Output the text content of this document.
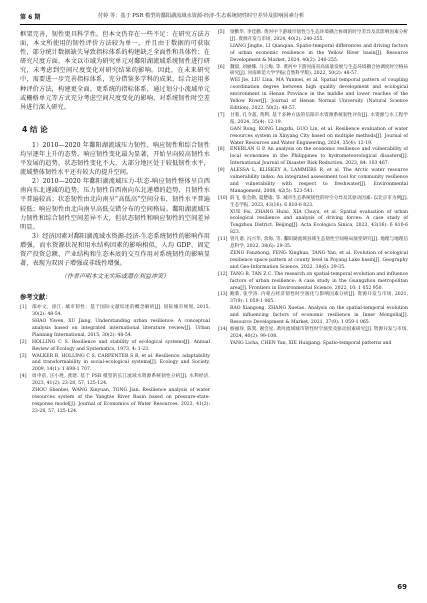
第 6 期	付婷 等：基于 PSR 模型的鄱阳湖流域水资源-经济-生态系统韧性时空差异及影响因素分析

框架完善，韧性更具科学性。但本文仍存在一些不足：在研究方法方面，本文所使用的韧性评价方法较为单一，并且由于数据的可获取性，部分统计数据缺失导致指标体系的构建缺乏全面性和具体性；在研究尺度方面，本文以市域为研究单元对鄱阳湖流域系统韧性进行研究，未考虑到空间尺度变化对研究结果的影响。因此，在未来研究中，需要进一步完善指标体系，充分借鉴多学科的成果，综合运用多种评价方法，构建更全面、更系统的指标体系，通过划分小流域单元或栅格单元等方式充分考虑空间尺度变化的影响，对系统韧性时空差异进行深入研究。

4 结 论

1）2010—2020 年鄱阳湖流域压力韧性、响应韧性和综合韧性均呈逐年上升的态势。响应韧性变化最为显著，开始呈向较高韧性水平发展的趋势，状态韧性变化不大，大部分地区处于较低韧性水平，流域整体韧性水平还有较大的提升空间。

2）2010—2020 年鄱阳湖流域压力-状态-响应韧性整体呈自西南向东北递减的趋势。压力韧性自西南向东北递增的趋势，且韧性水平普遍较高；状态韧性由北向南呈“高低高”空间分布，韧性水平普遍较低；响应韧性由北向南呈高低交错分布的空间格局。鄱阳湖流域压力韧性和综合韧性空间差异不大，但状态韧性和响应韧性的空间差异明显。

3）经济因素对鄱阳湖流域水资源-经济-生态系统韧性的影响作用增强，而水资源状况和用水结构因素的影响相似，人均 GDP、固定资产投资总额、产业结构和生态本底的交互作用对系统韧性的影响显著，表现为双因子增强或非线性增强。

（作者声明本文无实际或潜在利益冲突）

参考文献：
[1]	邵亦文，徐江. 城市韧性：基于国际文献综述的概念解析[J]. 国际城市规划, 2015, 30(2): 48-54.
SHAO Yiwen, XU Jiang. Understanding urban resilience: A conceptual analysis based on integrated international literature review[J]. Urban Planning International, 2015, 30(2): 48-54.
[2]	HOLLING C S. Resilience and stability of ecological systems[J]. Annual Review of Ecology and Systematics, 1973, 4: 1-23.
[3]	WALKER B, HOLLING C S, CARPENTER S R, et al. Resilience, adaptability and transformability in social-ecological systems[J]. Ecology and Society, 2009, 14(1): 1 698-1 707.
[4]	周申蓓, 汪小胜, 龚建. 基于 PSR 模型的长江流域水资源系统韧性分析[J]. 水利经济, 2023, 41(2): 23-28, 57, 125-124.
ZHOU Shenbei, WANG Xinyuan, TONG Jian. Resilience analysis of water resources system of the Yangtze River Basin based on pressure-state-response model[J]. Journal of Economics of Water Resources, 2023, 41(2): 23-28, 57, 125-124.
[5]	梁勤华, 李佳勤. 黄河中下游城市韧性与生态环境耦合协调的时空差异及其影响因素分析[J]. 资源开发与市场, 2024, 40(2): 240-255.
LIANG Jinghe, LI Qianqian. Spatio-temporal differences and driving factors of urban economic resilience in the Yellow River basin[J]. Resource Development & Market, 2024, 40(2): 240-255.
[6]	魏晨, 刘丽娜, 马云梅, 等. 黄河中下游河南省高质量发展与生态环境耦合协调度时空格局研究[J]. 河南师范大学学报(自然科学版), 2022, 50(2): 48-57.
WEI Jie, LIU Lina, MA Yunmei, et al. Spatial temporal pattern of coupling coordination degree between high quality development and ecological environment in Henan Province in the middle and lower reaches of the Yellow River[J]. Journal of Henan Normal University (Natural Science Edition), 2022, 50(2): 48-57.
[7]	甘蓉, 孔令超, 黄利. 基于多种方法的信阳市水资源系统韧性评价[J]. 水资源与水工程学报, 2024, 35(4): 12-19.
GAN Rong, KONG Lingzhi, GUO Lin, et al. Resilience evaluation of water resources system in Xinyang City based on multiple methods[J]. Journal of Water Resources and Water Engineering, 2024, 35(4): 12-19.
[8]	ENERLAN G P. An analysis on the economic resilience and vulnerability of local economies in the Philippines to hydrometeorological disasters[J]. International Journal of Disaster Risk Reduction, 2023, 84: 103 467.
[9]	ALESSA L, KLISKEY A, LAMMERS R, et al. The Arctic water resource vulnerability index: An integrated assessment tool for community resilience and vulnerability with respect to freshwater[J]. Environmental Management, 2008, 42(5): 523-541.
[10] 薛飞, 张会勋, 夏楚瑜, 等. 城市生态系统韧性的时空分异及其驱动因素: 以北京市为例[J]. 生态学报, 2023, 43(16): 6 810-6 823.
XUE Fei, ZHANG Huixi, XIA Chuyu, et al. Spatial evaluation of urban ecological resilience and analysis of driving forces: A case study of Tongzhou District, Beijing[J]. Acta Ecologica Sinica, 2023, 43(16): 6 810-6 823.
[11] 曾凡诸, 冯兴华, 余海, 等. 鄱阳湖流域县域生态韧性空间格局演变研究[J]. 地理与地理信息科学, 2022, 38(6): 29-35.
ZENG Fanzhong, FENG Xinghua, TANG Yan, et al. Evolution of ecological resilience space pattern at county level in Poyang Lake basin[J]. Geography and Geo-Information Science, 2022, 38(6): 29-35.
[12] TANG B, TAN Z C. The research on spatial-temporal evolution and influence factors of urban resilience: A case study in the Guangzhou metropolitan area[J]. Frontiers in Environmental Science, 2022, 10: 1 052 950.
[13] 鲍新, 张学涛. 内蒙古经济韧性时空演化与影响因素分析[J]. 资源开发与市场, 2021, 37(9): 1 059-1 065.
BAO Xiangong, ZHANG Xuetao. Analysis on the spatial-temporal evolution and influencing factors of economic resilience in Inner Mongolia[J]. Resource Development & Market, 2021, 37(9): 1 059-1 065.
[14] 杨丽珍, 陈巽, 谢会星. 黄河流域城市韧性时空演变及驱动因素研究[J]. 资源开发与市场, 2024, 40(2): 99-108.
YANG Licha, CHEN Yan, XIE Huiqiang. Spatio-temporal patterns and
69
